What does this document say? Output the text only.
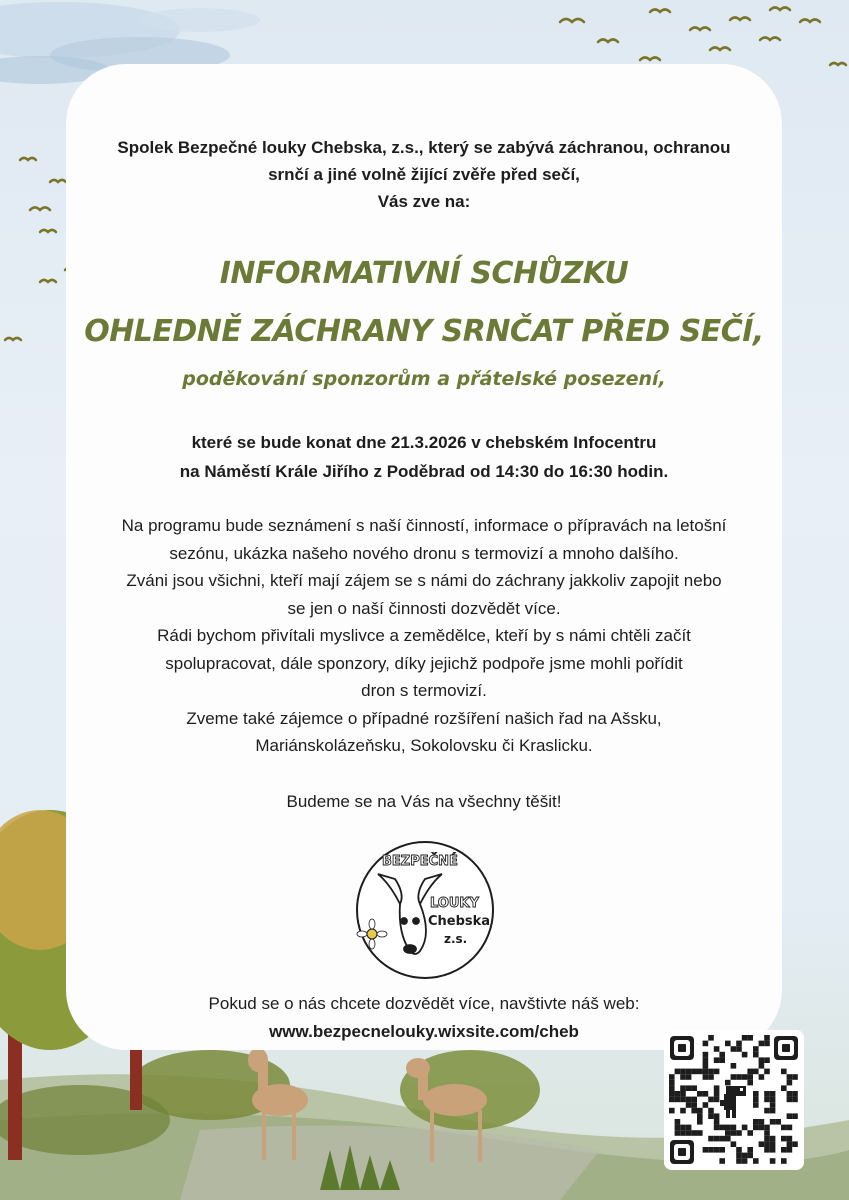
Spolek Bezpečné louky Chebska, z.s., který se zabývá záchranou, ochranou
srnčí a jiné volně žijící zvěře před sečí,
Vás zve na:
INFORMATIVNÍ SCHŮZKU
OHLEDNĚ ZÁCHRANY SRNČAT PŘED SEČÍ,
poděkování sponzorům a přátelské posezení,
které se bude konat dne 21.3.2026 v chebském Infocentru
na Náměstí Krále Jiřího z Poděbrad od 14:30 do 16:30 hodin.
Na programu bude seznámení s naší činností, informace o přípravách na letošní
sezónu, ukázka našeho nového dronu s termovizí a mnoho dalšího.
Zváni jsou všichni, kteří mají zájem se s námi do záchrany jakkoliv zapojit nebo
se jen o naší činnosti dozvědět více.
Rádi bychom přivítali myslivce a zemědělce, kteří by s námi chtěli začít
spolupracovat, dále sponzory, díky jejichž podpoře jsme mohli pořídit
dron s termovizí.
Zveme také zájemce o případné rozšíření našich řad na Ašsku,
Mariánskolázeňsku, Sokolovsku či Kraslicku.
Budeme se na Vás na všechny těšit!
BEZPEČNÉ
LOUKY
Chebska
z.s.
Pokud se o nás chcete dozvědět více, navštivte náš web:
www.bezpecnelouky.wixsite.com/cheb
